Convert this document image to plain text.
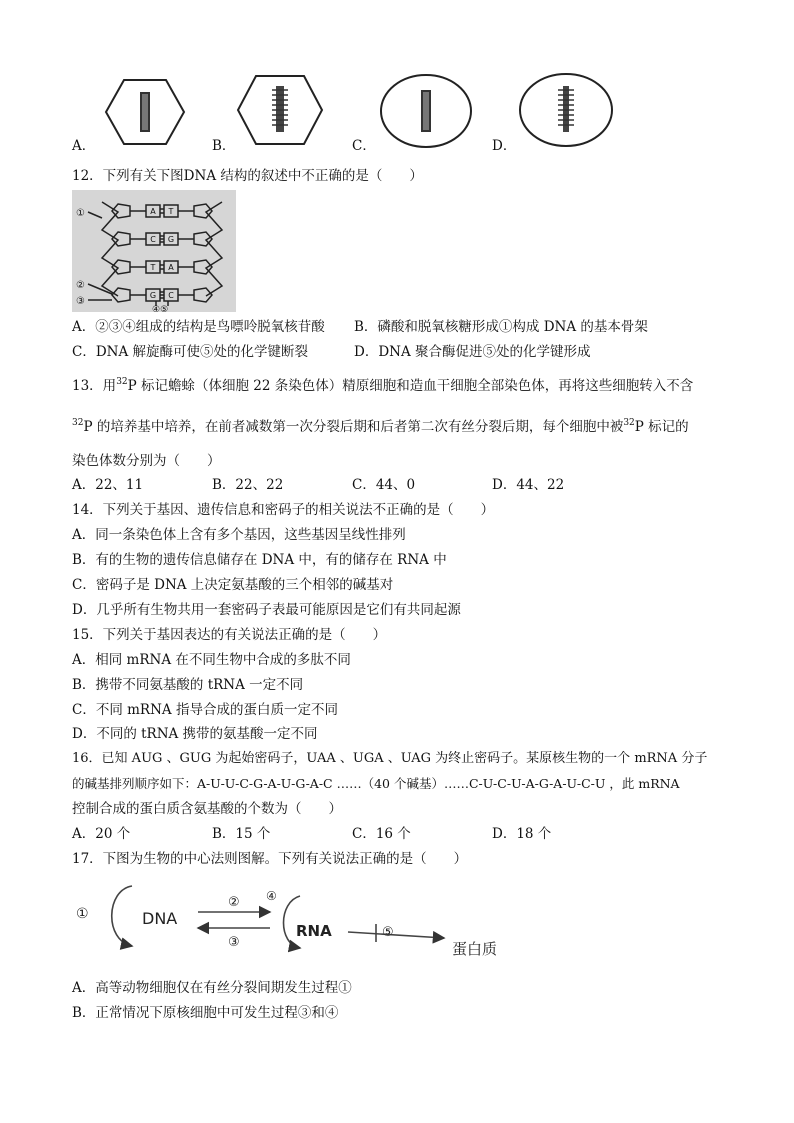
A．	B．	C．	D．
12．下列有关下图DNA 结构的叙述中不正确的是（　　）
A T
C G
T A
G C
①
②
③
④⑤
A．②③④组成的结构是鸟嘌呤脱氧核苷酸 B．磷酸和脱氧核糖形成①构成 DNA 的基本骨架
C．DNA 解旋酶可使⑤处的化学键断裂	D．DNA 聚合酶促进⑤处的化学键形成
13．用$^{32}$P 标记蟾蜍（体细胞 22 条染色体）精原细胞和造血干细胞全部染色体，再将这些细胞转入不含
$^{32}$P 的培养基中培养，在前者减数第一次分裂后期和后者第二次有丝分裂后期，每个细胞中被$^{32}$P 标记的
染色体数分别为（　　）
A．22、11	B．22、22	C．44、0	D．44、22
14．下列关于基因、遗传信息和密码子的相关说法不正确的是（　　）
A．同一条染色体上含有多个基因，这些基因呈线性排列
B．有的生物的遗传信息储存在 DNA 中，有的储存在 RNA 中
C．密码子是 DNA 上决定氨基酸的三个相邻的碱基对
D．几乎所有生物共用一套密码子表最可能原因是它们有共同起源
15．下列关于基因表达的有关说法正确的是（　　）
A．相同 mRNA 在不同生物中合成的多肽不同
B．携带不同氨基酸的 tRNA 一定不同
C．不同 mRNA 指导合成的蛋白质一定不同
D．不同的 tRNA 携带的氨基酸一定不同
16．已知 AUG 、GUG 为起始密码子，UAA 、UGA 、UAG 为终止密码子。某原核生物的一个 mRNA 分子
的碱基排列顺序如下：A-U-U-C-G-A-U-G-A-C ……（40 个碱基）……C-U-C-U-A-G-A-U-C-U ，此 mRNA
控制合成的蛋白质含氨基酸的个数为（　　）
A．20 个	B．15 个	C．16 个	D．18 个
17．下图为生物的中心法则图解。下列有关说法正确的是（　　）
①	DNA
②
③
④
RNA	⑤
蛋白质
A．高等动物细胞仅在有丝分裂间期发生过程①
B．正常情况下原核细胞中可发生过程③和④
